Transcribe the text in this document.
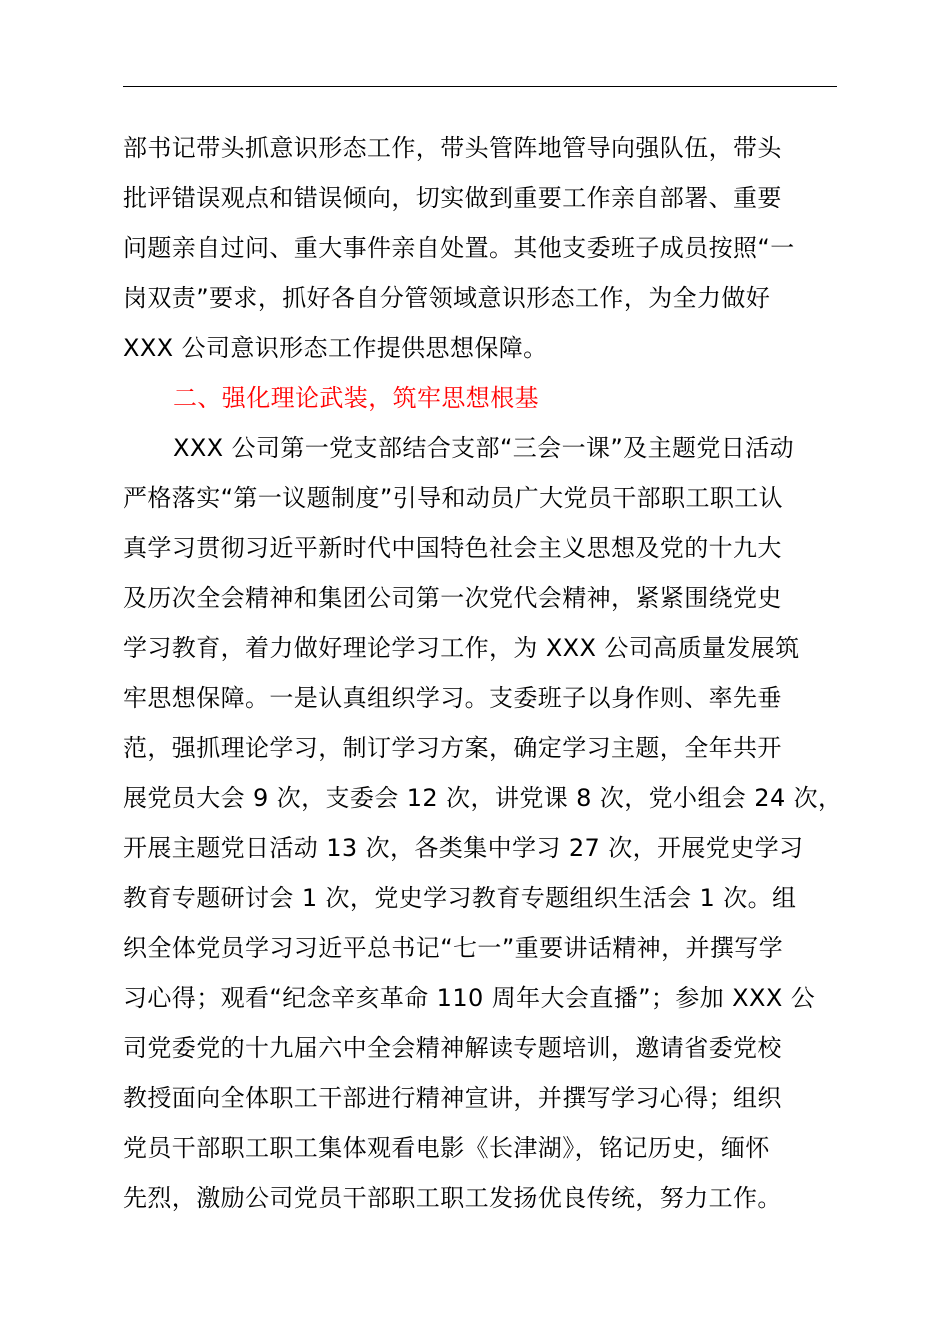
部书记带头抓意识形态工作，带头管阵地管导向强队伍，带头
批评错误观点和错误倾向，切实做到重要工作亲自部署、重要
问题亲自过问、重大事件亲自处置。其他支委班子成员按照“一
岗双责”要求，抓好各自分管领域意识形态工作，为全力做好
XXX 公司意识形态工作提供思想保障。
二、强化理论武装，筑牢思想根基
XXX 公司第一党支部结合支部“三会一课”及主题党日活动
严格落实“第一议题制度”引导和动员广大党员干部职工职工认
真学习贯彻习近平新时代中国特色社会主义思想及党的十九大
及历次全会精神和集团公司第一次党代会精神，紧紧围绕党史
学习教育，着力做好理论学习工作，为 XXX 公司高质量发展筑
牢思想保障。一是认真组织学习。支委班子以身作则、率先垂
范，强抓理论学习，制订学习方案，确定学习主题，全年共开
展党员大会 9 次，支委会 12 次，讲党课 8 次，党小组会 24 次，
开展主题党日活动 13 次，各类集中学习 27 次，开展党史学习
教育专题研讨会 1 次，党史学习教育专题组织生活会 1 次。组
织全体党员学习习近平总书记“七一”重要讲话精神，并撰写学
习心得；观看“纪念辛亥革命 110 周年大会直播”；参加 XXX 公
司党委党的十九届六中全会精神解读专题培训，邀请省委党校
教授面向全体职工干部进行精神宣讲，并撰写学习心得；组织
党员干部职工职工集体观看电影《长津湖》，铭记历史，缅怀
先烈，激励公司党员干部职工职工发扬优良传统，努力工作。
